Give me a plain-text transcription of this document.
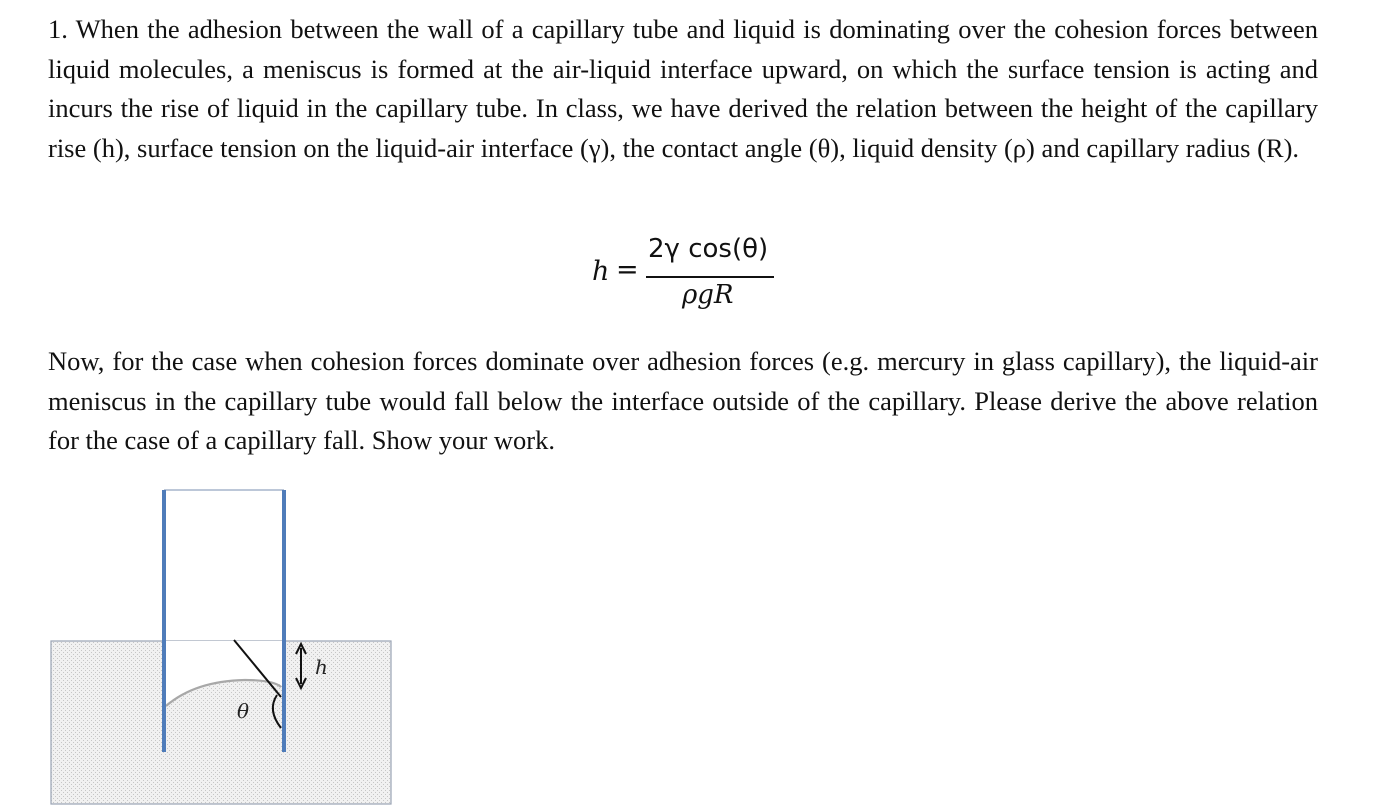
1. When the adhesion between the wall of a capillary tube and liquid is dominating over the cohesion forces between liquid molecules, a meniscus is formed at the air-liquid interface upward, on which the surface tension is acting and incurs the rise of liquid in the capillary tube. In class, we have derived the relation between the height of the capillary rise (h), surface tension on the liquid-air interface (γ), the contact angle (θ), liquid density (ρ) and capillary radius (R).

h =
2γ cos(θ)
ρgR

Now, for the case when cohesion forces dominate over adhesion forces (e.g. mercury in glass capillary), the liquid-air meniscus in the capillary tube would fall below the interface outside of the capillary. Please derive the above relation for the case of a capillary fall. Show your work.

h
θ
